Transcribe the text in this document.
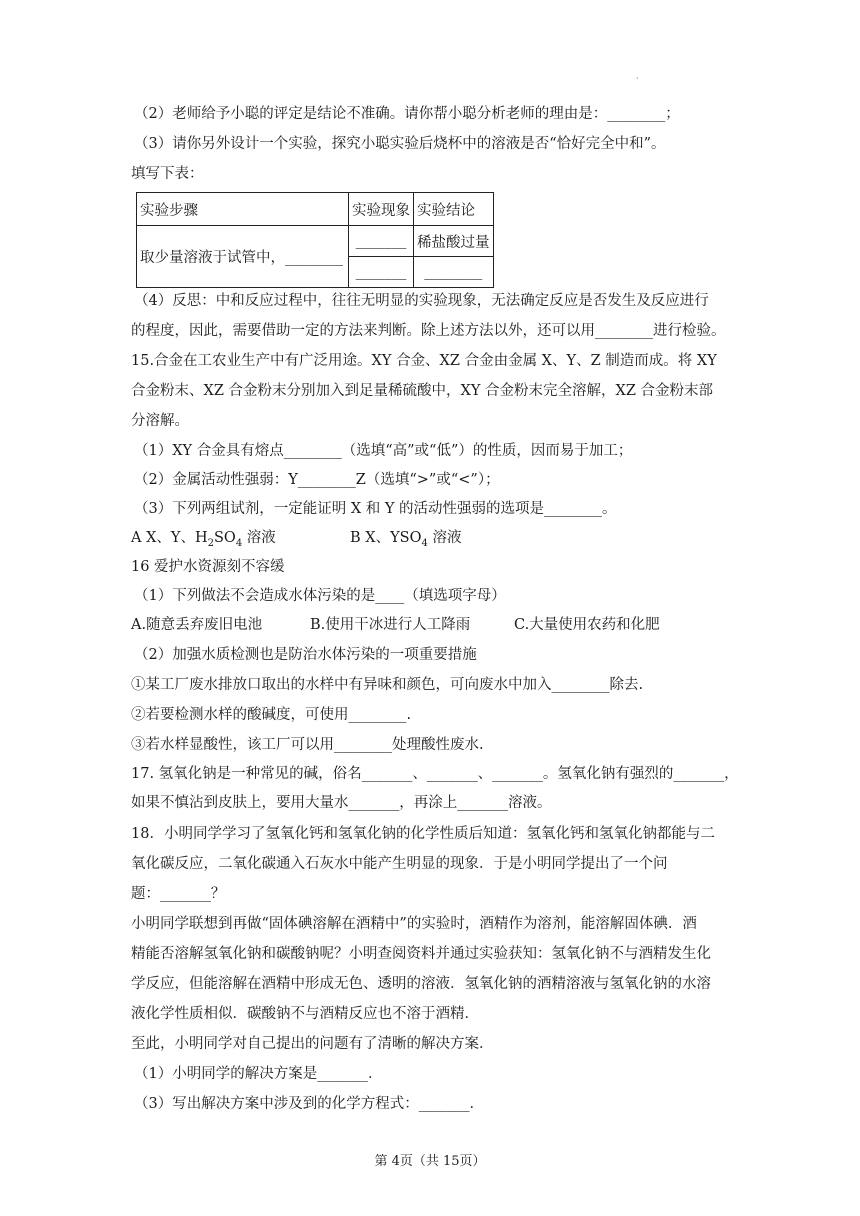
·
（2）老师给予小聪的评定是结论不准确。请你帮小聪分析老师的理由是：________；
（3）请你另外设计一个实验，探究小聪实验后烧杯中的溶液是否“恰好完全中和”。
填写下表：
实验步骤	实验现象	实验结论
取少量溶液于试管中，________	_______	稀盐酸过量
	_______	________
（4）反思：中和反应过程中，往往无明显的实验现象，无法确定反应是否发生及反应进行
的程度，因此，需要借助一定的方法来判断。除上述方法以外，还可以用________进行检验。
15.合金在工农业生产中有广泛用途。XY 合金、XZ 合金由金属 X、Y、Z 制造而成。将 XY
合金粉末、XZ 合金粉末分别加入到足量稀硫酸中，XY 合金粉末完全溶解，XZ 合金粉末部
分溶解。
（1）XY 合金具有熔点________（选填“高”或“低”）的性质，因而易于加工；
（2）金属活动性强弱：Y________Z（选填“>”或“<”）；
（3）下列两组试剂，一定能证明 X 和 Y 的活动性强弱的选项是________。
A X、Y、$H_2SO_4$ 溶液	B X、$YSO_4$ 溶液
16 爱护水资源刻不容缓
（1）下列做法不会造成水体污染的是____（填选项字母）
A.随意丢弃废旧电池	B.使用干冰进行人工降雨	C.大量使用农药和化肥
（2）加强水质检测也是防治水体污染的一项重要措施
①某工厂废水排放口取出的水样中有异味和颜色，可向废水中加入________除去.
②若要检测水样的酸碱度，可使用________.
③若水样显酸性，该工厂可以用________处理酸性废水.
17. 氢氧化钠是一种常见的碱，俗名_______、_______、_______。氢氧化钠有强烈的_______，
如果不慎沾到皮肤上，要用大量水_______，再涂上_______溶液。
18．小明同学学习了氢氧化钙和氢氧化钠的化学性质后知道：氢氧化钙和氢氧化钠都能与二
氧化碳反应，二氧化碳通入石灰水中能产生明显的现象．于是小明同学提出了一个问
题：_______？
小明同学联想到再做“固体碘溶解在酒精中”的实验时，酒精作为溶剂，能溶解固体碘．酒
精能否溶解氢氧化钠和碳酸钠呢？小明查阅资料并通过实验获知：氢氧化钠不与酒精发生化
学反应，但能溶解在酒精中形成无色、透明的溶液．氢氧化钠的酒精溶液与氢氧化钠的水溶
液化学性质相似．碳酸钠不与酒精反应也不溶于酒精．
至此，小明同学对自己提出的问题有了清晰的解决方案．
（1）小明同学的解决方案是_______．
（3）写出解决方案中涉及到的化学方程式：_______．
第 4页（共 15页）
